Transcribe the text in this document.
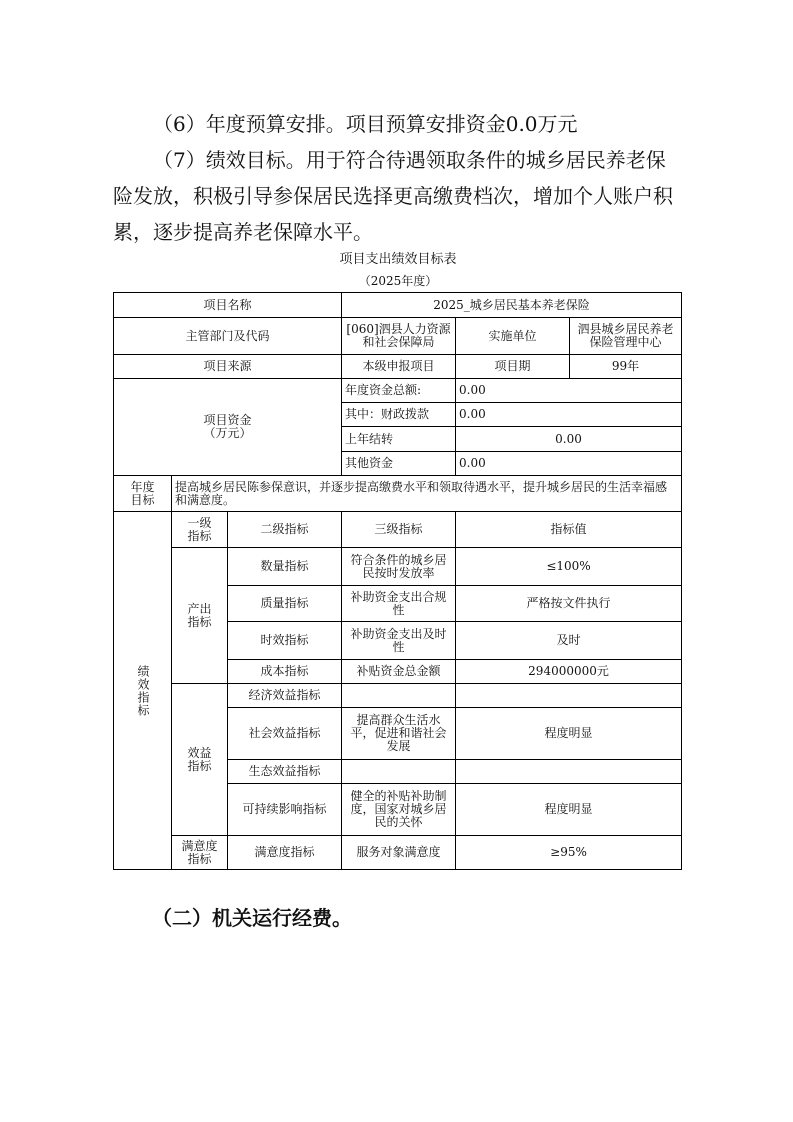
（6）年度预算安排。项目预算安排资金0.0万元

（7）绩效目标。用于符合待遇领取条件的城乡居民养老保险发放，积极引导参保居民选择更高缴费档次，增加个人账户积累，逐步提高养老保障水平。

项目支出绩效目标表
（2025年度）
项目名称			2025_城乡居民基本养老保险		
主管部门及代码			[060]泗县人力资源和社会保障局	实施单位	泗县城乡居民养老保险管理中心
项目来源			本级申报项目	项目期	99年
项目资金（万元）			年度资金总额:	0.00	
			其中：财政拨款	0.00	
			上年结转	0.00	
			其他资金	0.00	
年度目标	提高城乡居民陈参保意识，并逐步提高缴费水平和领取待遇水平，提升城乡居民的生活幸福感和满意度。				

绩效指标	一级指标	二级指标	三级指标	指标值	
	产出指标	数量指标	符合条件的城乡居民按时发放率	≤100%	
		质量指标	补助资金支出合规性	严格按文件执行	
		时效指标	补助资金支出及时性	及时	
		成本指标	补贴资金总金额	294000000元	
	效益指标	经济效益指标			
		社会效益指标	提高群众生活水平，促进和谐社会发展	程度明显	
		生态效益指标			
		可持续影响指标	健全的补贴补助制度，国家对城乡居民的关怀	程度明显	
	满意度指标	满意度指标	服务对象满意度	≥95%	

（二）机关运行经费。
